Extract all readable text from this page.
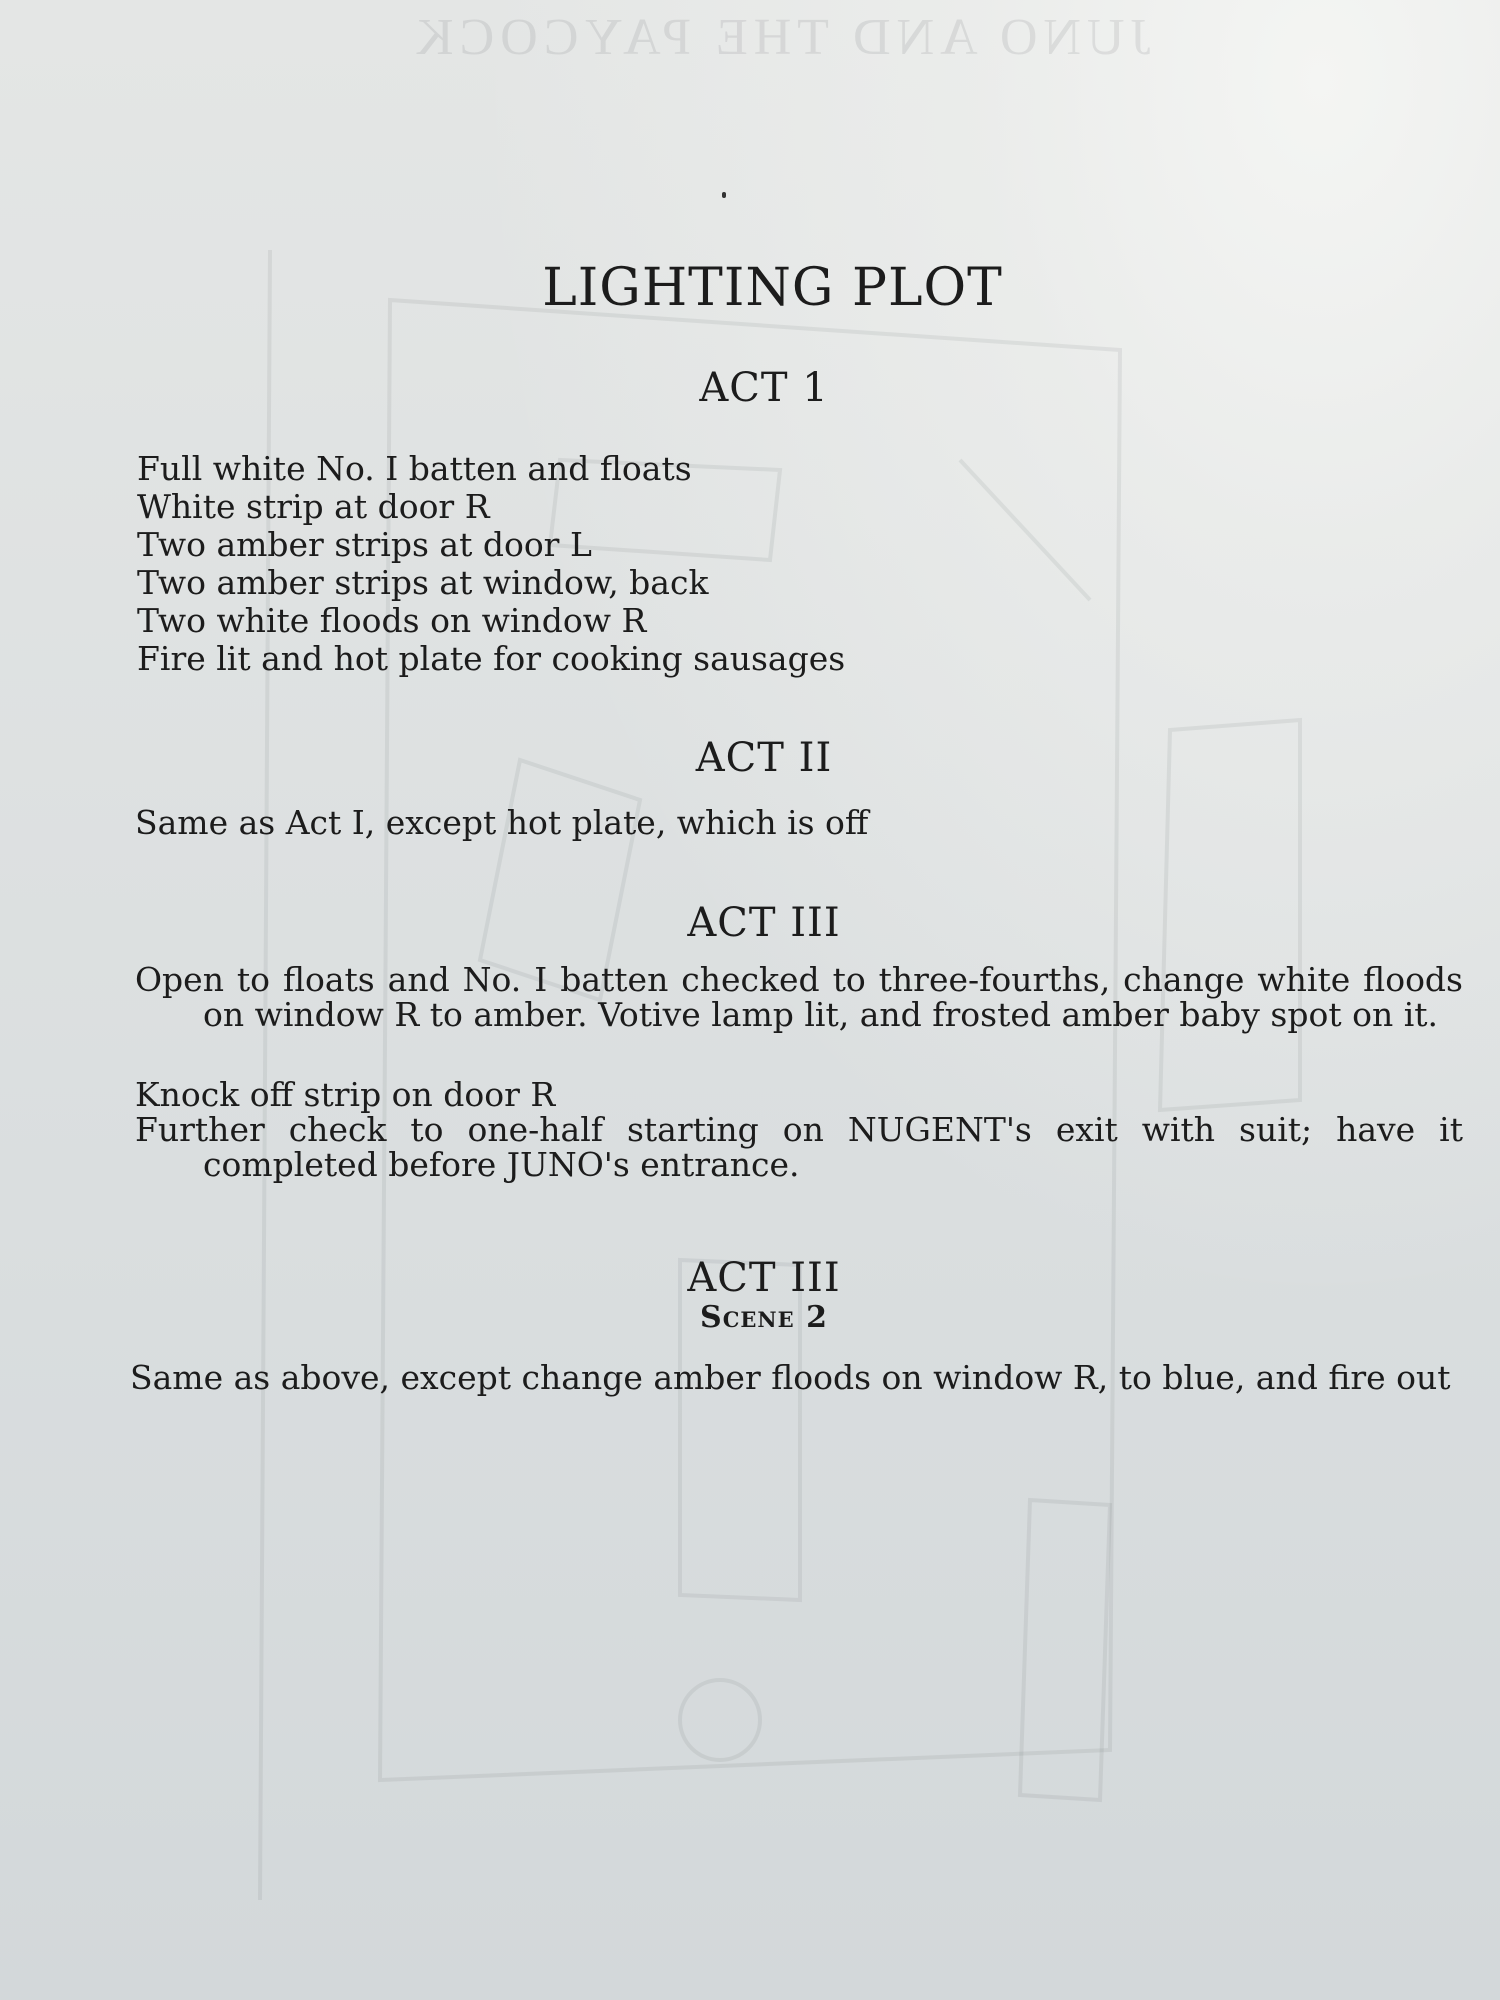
JUNO AND THE PAYCOCK
LIGHTING PLOT
ACT 1
Full white No. I batten and floats
White strip at door R
Two amber strips at door L
Two amber strips at window, back
Two white floods on window R
Fire lit and hot plate for cooking sausages
ACT II

Same as Act I, except hot plate, which is off

ACT III

Open to floats and No. I batten checked to three-fourths, change white floods on window R to amber. Votive lamp lit, and frosted amber baby spot on it.

Knock off strip on door R

Further check to one-half starting on NUGENT's exit with suit; have it completed before JUNO's entrance.

ACT III
Scene 2

Same as above, except change amber floods on window R, to blue, and fire out
